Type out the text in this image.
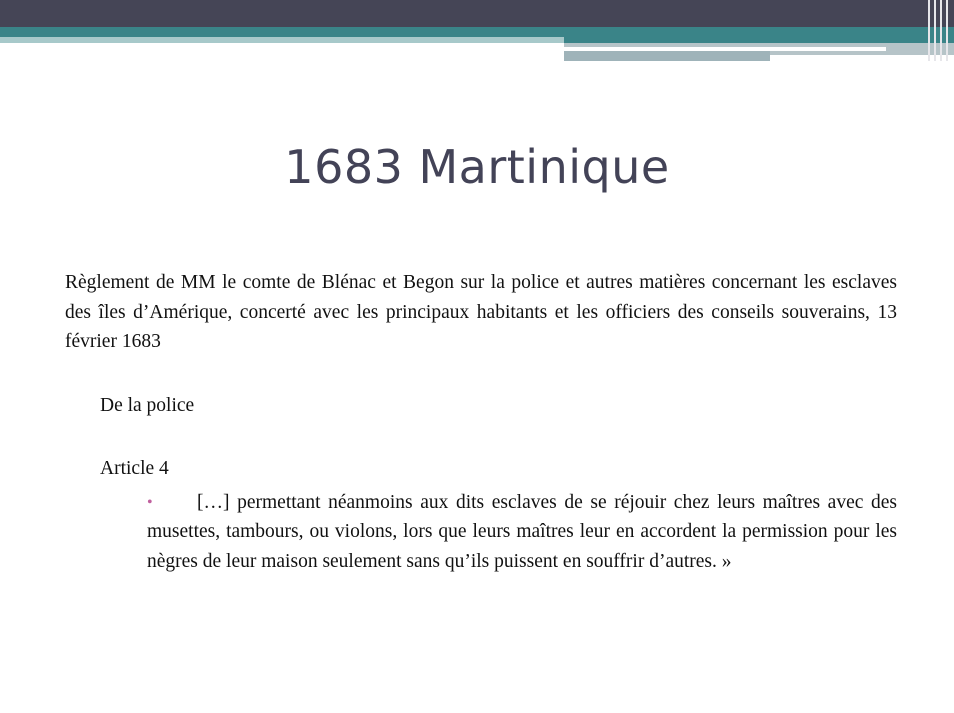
1683 Martinique

Règlement de MM le comte de Blénac et Begon sur la police et autres matières concernant les esclaves des îles d’Amérique, concerté avec les principaux habitants et les officiers des conseils souverains, 13 février 1683

De la police

Article 4

•	[…] permettant néanmoins aux dits esclaves de se réjouir chez leurs maîtres avec des musettes, tambours, ou violons, lors que leurs maîtres leur en accordent la permission pour les nègres de leur maison seulement sans qu’ils puissent en souffrir d’autres. »
